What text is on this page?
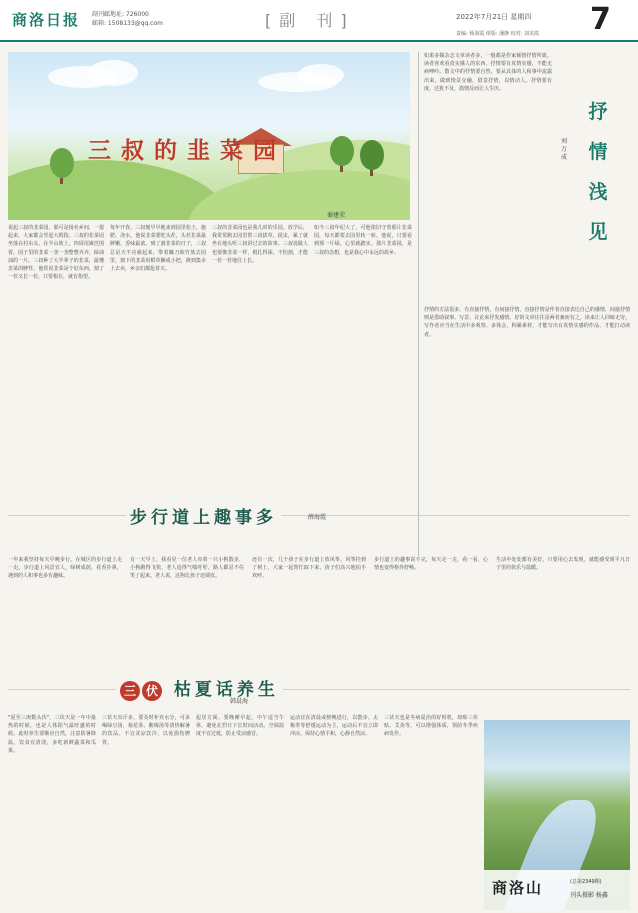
商洛日报 副刊邮地址: 726000
邮箱: 1508133@qq.com	[副 刊]	2022年7月21日 星期四 7
责编: 杨海霞 组版: 潘静 校对: 刘美霞
三叔的韭菜园
秦建荣
说起三叔的韭菜园，那可是扬名乡间，一提起来，大家都会竖起大拇指。三叔的韭菜园坐落在村东头，在半山坡上，四周用篱笆围着，园子里的韭菜一垄一垄整整齐齐，绿油油的一片。三叔种了大半辈子的韭菜，最懂韭菜的脾性，他常说韭菜是个好东西，割了一茬又长一茬，只要根在，就有指望。
每年开春，三叔便早早地来到园里松土、施肥、浇水。他说韭菜要吃头茬，头茬韭菜最鲜嫩，香味最浓。到了割韭菜的日子，三叔总是天不亮就起来，带着镰刀和竹篮去园里，割下的韭菜用稻草捆成小把，挑到集市上去卖，乡亲们都抢着买。
三叔的韭菜园也是我儿时的乐园。放学后，我常常跑去园里帮三叔拔草、捉虫，累了就坐在地头听三叔讲过去的故事。三叔说做人也要像韭菜一样，根扎得深，不怕割，才能一茬一茬地往上长。
如今三叔年纪大了，可他依旧守着那片韭菜园，每天都要去园里转一转。他说，只要看到那一片绿，心里就踏实。那片韭菜园，是三叔的念想，也是我心中永远的故乡。
抒情浅见
刘万成
如果多媒杂志文章读者多，一般都是作家倾情抒情所致。读者喜欢看真实感人的东西，抒情要有真情实感，不能无病呻吟。散文中的抒情要自然，要从具体的人和事中流露出来，做到情景交融，借景抒情，以情动人。抒情要有度，过犹不及，滥情反而让人生厌。
抒情的方法很多，有直接抒情，有间接抒情。直接抒情是作者直接表达自己的感情，间接抒情则是借助叙事、写景、议论来抒发感情。好的文章往往是两者兼而有之，读来让人回味无穷。写作者应当在生活中多观察、多体会，积累素材，才能写出有真情实感的作品，才能打动读者。
步行道上趣事多	薛海霞
一年来我坚持每天早晚步行，在城区的步行道上走一走。步行道上风景宜人，绿树成荫，花香扑鼻，遇到的人和事也多有趣味。
有一天早上，我看见一位老人牵着一只小狗散步，小狗跑得飞快，老人追得气喘吁吁，路人都忍不住笑了起来。老人说，这狗比孩子还调皮。
还有一次，几个孩子在步行道上放风筝，风筝挂到了树上，大家一起帮忙取下来，孩子们高兴地拍手欢呼。
步行道上的趣事说不完，每天走一走，看一看，心情也变得格外舒畅。
生活中处处都有美好，只要用心去发现，就能感受到平凡日子里的快乐与温暖。
三 伏 枯夏话养生
韩晨海
"夏至三庚数头伏"，三伏天是一年中最热的时候，也是人体阳气最旺盛的时候。此时养生要顺应自然，注意防暑降温，饮食宜清淡，多吃新鲜蔬菜和瓜果。
三伏天出汗多，要及时补充水分，可多喝绿豆汤、菊花茶、酸梅汤等清热解暑的饮品。不宜贪凉饮冷，以免损伤脾胃。
起居方面，要晚睡早起，中午适当午休，避免在烈日下长时间活动。空调温度不宜过低，防止受凉感冒。
运动宜在清晨或傍晚进行，以散步、太极拳等舒缓运动为主，运动后不宜立即冲凉。保持心情平和，心静自然凉。
三伏天也是冬病夏治的好时机，如贴三伏贴、艾灸等，可以增强体质，预防冬季疾病发作。
商洛山	(总第2349期)
刊头摄影 杨鑫
